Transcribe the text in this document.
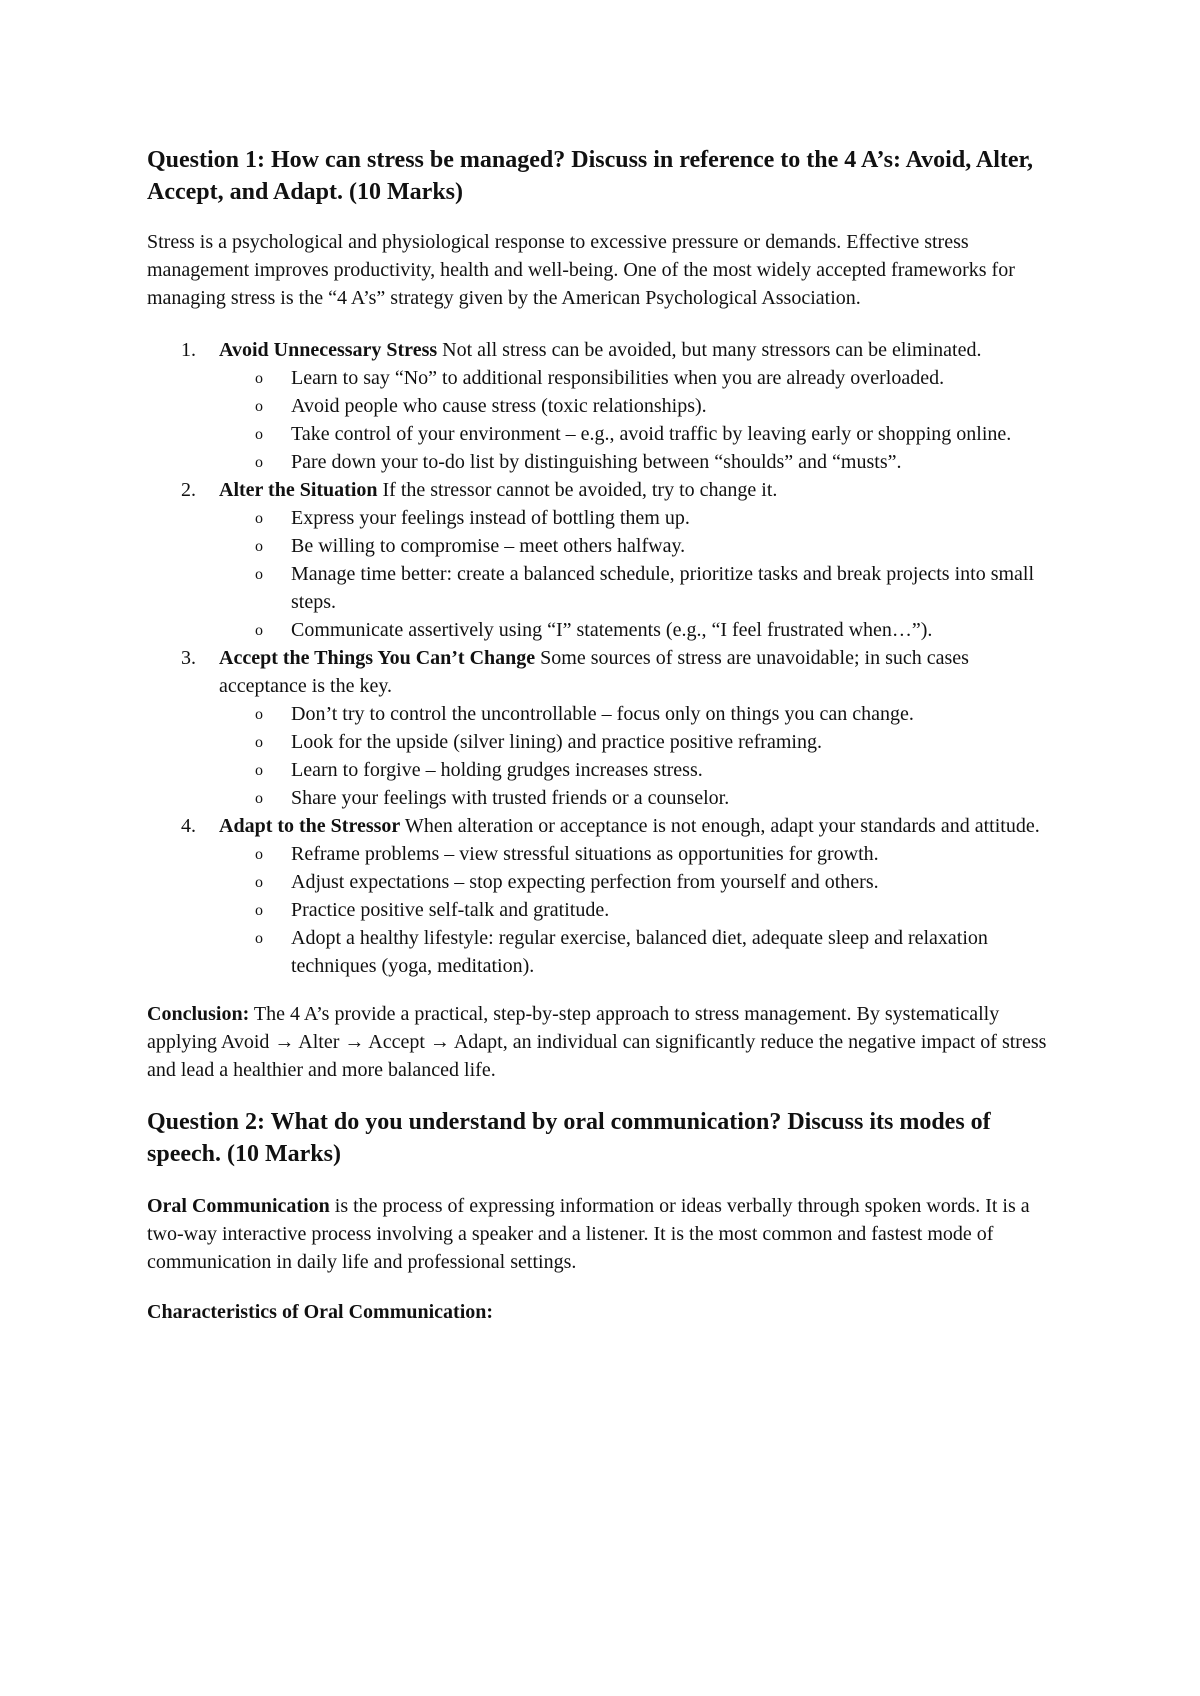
Question 1: How can stress be managed? Discuss in reference to the 4 A’s: Avoid, Alter, Accept, and Adapt. (10 Marks)

Stress is a psychological and physiological response to excessive pressure or demands. Effective stress management improves productivity, health and well-being. One of the most widely accepted frameworks for managing stress is the “4 A’s” strategy given by the American Psychological Association.

1. Avoid Unnecessary Stress Not all stress can be avoided, but many stressors can be eliminated.
o Learn to say “No” to additional responsibilities when you are already overloaded.
o Avoid people who cause stress (toxic relationships).
o Take control of your environment – e.g., avoid traffic by leaving early or shopping online.
o Pare down your to-do list by distinguishing between “shoulds” and “musts”.
2. Alter the Situation If the stressor cannot be avoided, try to change it.
o Express your feelings instead of bottling them up.
o Be willing to compromise – meet others halfway.
o Manage time better: create a balanced schedule, prioritize tasks and break projects into small steps.
o Communicate assertively using “I” statements (e.g., “I feel frustrated when…”).
3. Accept the Things You Can’t Change Some sources of stress are unavoidable; in such cases acceptance is the key.
o Don’t try to control the uncontrollable – focus only on things you can change.
o Look for the upside (silver lining) and practice positive reframing.
o Learn to forgive – holding grudges increases stress.
o Share your feelings with trusted friends or a counselor.
4. Adapt to the Stressor When alteration or acceptance is not enough, adapt your standards and attitude.
o Reframe problems – view stressful situations as opportunities for growth.
o Adjust expectations – stop expecting perfection from yourself and others.
o Practice positive self-talk and gratitude.
o Adopt a healthy lifestyle: regular exercise, balanced diet, adequate sleep and relaxation techniques (yoga, meditation).

Conclusion: The 4 A’s provide a practical, step-by-step approach to stress management. By systematically applying Avoid → Alter → Accept → Adapt, an individual can significantly reduce the negative impact of stress and lead a healthier and more balanced life.

Question 2: What do you understand by oral communication? Discuss its modes of speech. (10 Marks)

Oral Communication is the process of expressing information or ideas verbally through spoken words. It is a two-way interactive process involving a speaker and a listener. It is the most common and fastest mode of communication in daily life and professional settings.

Characteristics of Oral Communication:
